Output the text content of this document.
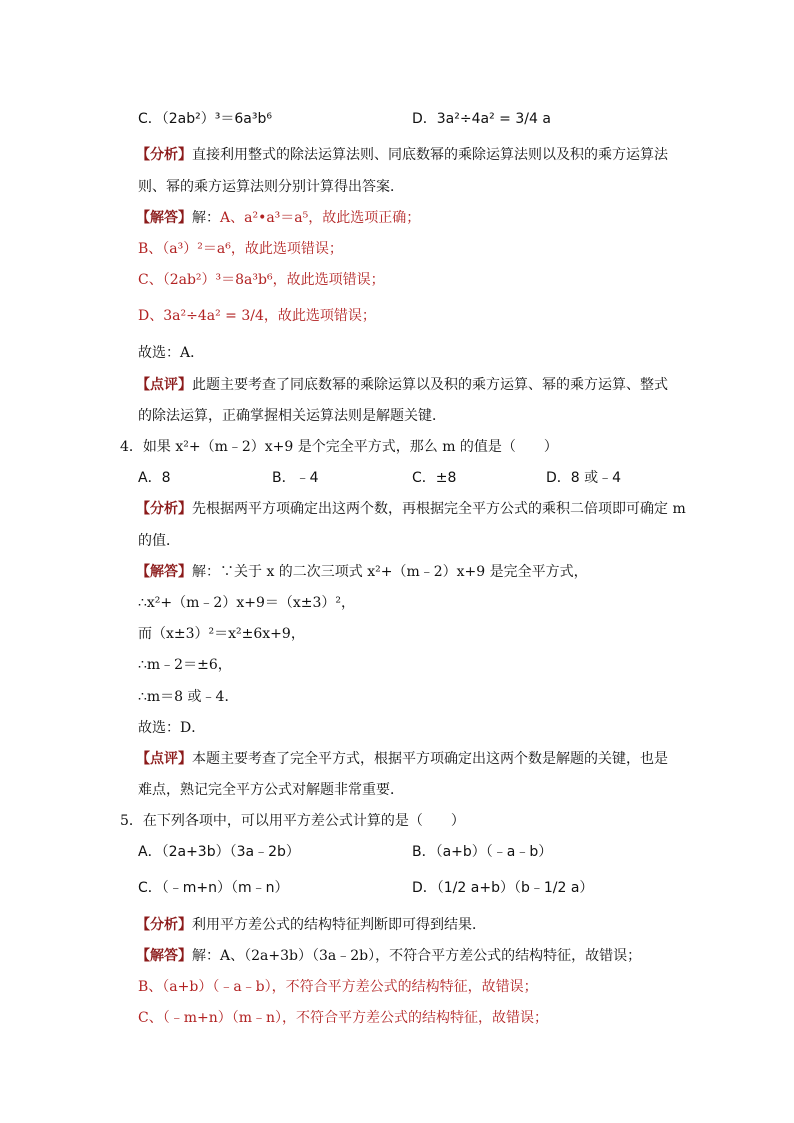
C．（2ab²）³＝6a³b⁶	D．3a²÷4a² = 3/4 a
【分析】直接利用整式的除法运算法则、同底数幂的乘除运算法则以及积的乘方运算法
则、幂的乘方运算法则分别计算得出答案．
【解答】解：A、a²•a³＝a⁵，故此选项正确；
B、（a³）²＝a⁶，故此选项错误；
C、（2ab²）³＝8a³b⁶，故此选项错误；
D、3a²÷4a² = 3/4，故此选项错误；
故选：A．
【点评】此题主要考查了同底数幂的乘除运算以及积的乘方运算、幂的乘方运算、整式
的除法运算，正确掌握相关运算法则是解题关键．
4．如果 x²+（m﹣2）x+9 是个完全平方式，那么 m 的值是（　　）
A．8	B．﹣4	C．±8	D．8 或﹣4
【分析】先根据两平方项确定出这两个数，再根据完全平方公式的乘积二倍项即可确定 m
的值．
【解答】解：∵关于 x 的二次三项式 x²+（m﹣2）x+9 是完全平方式，
∴x²+（m﹣2）x+9＝（x±3）²，
而（x±3）²＝x²±6x+9，
∴m﹣2＝±6，
∴m＝8 或﹣4．
故选：D．
【点评】本题主要考查了完全平方式，根据平方项确定出这两个数是解题的关键，也是
难点，熟记完全平方公式对解题非常重要．
5．在下列各项中，可以用平方差公式计算的是（　　）
A．（2a+3b）（3a﹣2b）	B．（a+b）（﹣a﹣b）
C．（﹣m+n）（m﹣n）	D．（1/2 a+b）（b﹣1/2 a）
【分析】利用平方差公式的结构特征判断即可得到结果．
【解答】解：A、（2a+3b）（3a﹣2b），不符合平方差公式的结构特征，故错误；
B、（a+b）（﹣a﹣b），不符合平方差公式的结构特征，故错误；
C、（﹣m+n）（m﹣n），不符合平方差公式的结构特征，故错误；
